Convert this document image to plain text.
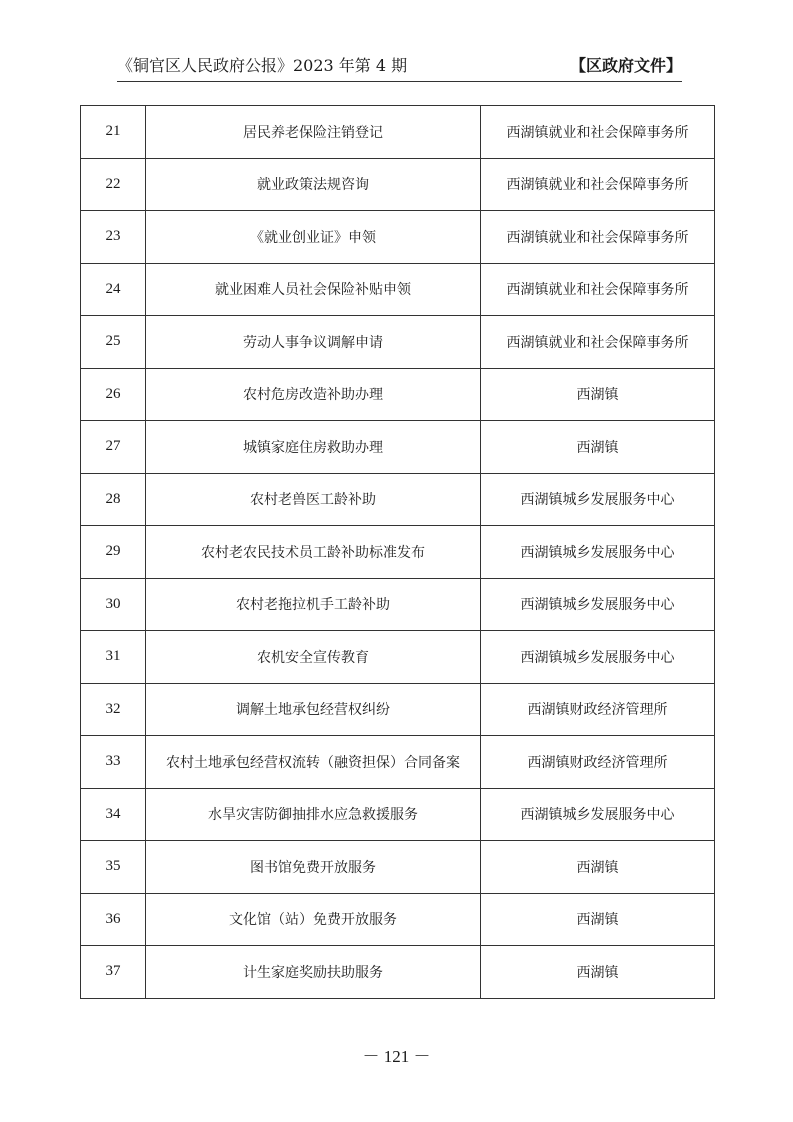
《铜官区人民政府公报》2023 年第 4 期	【区政府文件】
21	居民养老保险注销登记	西湖镇就业和社会保障事务所
22	就业政策法规咨询	西湖镇就业和社会保障事务所
23	《就业创业证》申领	西湖镇就业和社会保障事务所
24	就业困难人员社会保险补贴申领	西湖镇就业和社会保障事务所
25	劳动人事争议调解申请	西湖镇就业和社会保障事务所
26	农村危房改造补助办理	西湖镇
27	城镇家庭住房救助办理	西湖镇
28	农村老兽医工龄补助	西湖镇城乡发展服务中心
29	农村老农民技术员工龄补助标准发布	西湖镇城乡发展服务中心
30	农村老拖拉机手工龄补助	西湖镇城乡发展服务中心
31	农机安全宣传教育	西湖镇城乡发展服务中心
32	调解土地承包经营权纠纷	西湖镇财政经济管理所
33	农村土地承包经营权流转（融资担保）合同备案	西湖镇财政经济管理所
34	水旱灾害防御抽排水应急救援服务	西湖镇城乡发展服务中心
35	图书馆免费开放服务	西湖镇
36	文化馆（站）免费开放服务	西湖镇
37	计生家庭奖励扶助服务	西湖镇
－ 121 －
